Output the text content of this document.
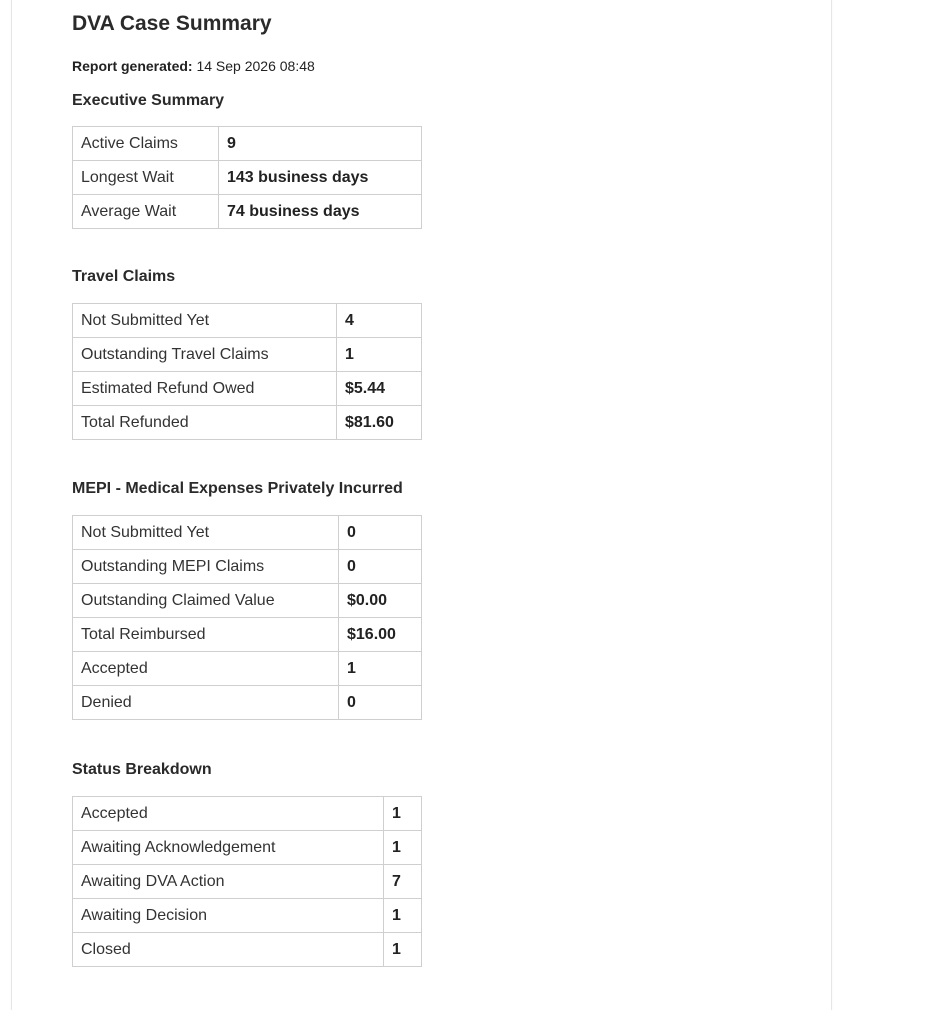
DVA Case Summary
Report generated: 14 Sep 2026 08:48
Executive Summary
Active Claims	9
Longest Wait	143 business days
Average Wait	74 business days
Travel Claims
Not Submitted Yet	4
Outstanding Travel Claims	1
Estimated Refund Owed	$5.44
Total Refunded	$81.60
MEPI - Medical Expenses Privately Incurred
Not Submitted Yet	0
Outstanding MEPI Claims	0
Outstanding Claimed Value	$0.00
Total Reimbursed	$16.00
Accepted	1
Denied	0
Status Breakdown
Accepted	1
Awaiting Acknowledgement	1
Awaiting DVA Action	7
Awaiting Decision	1
Closed	1
